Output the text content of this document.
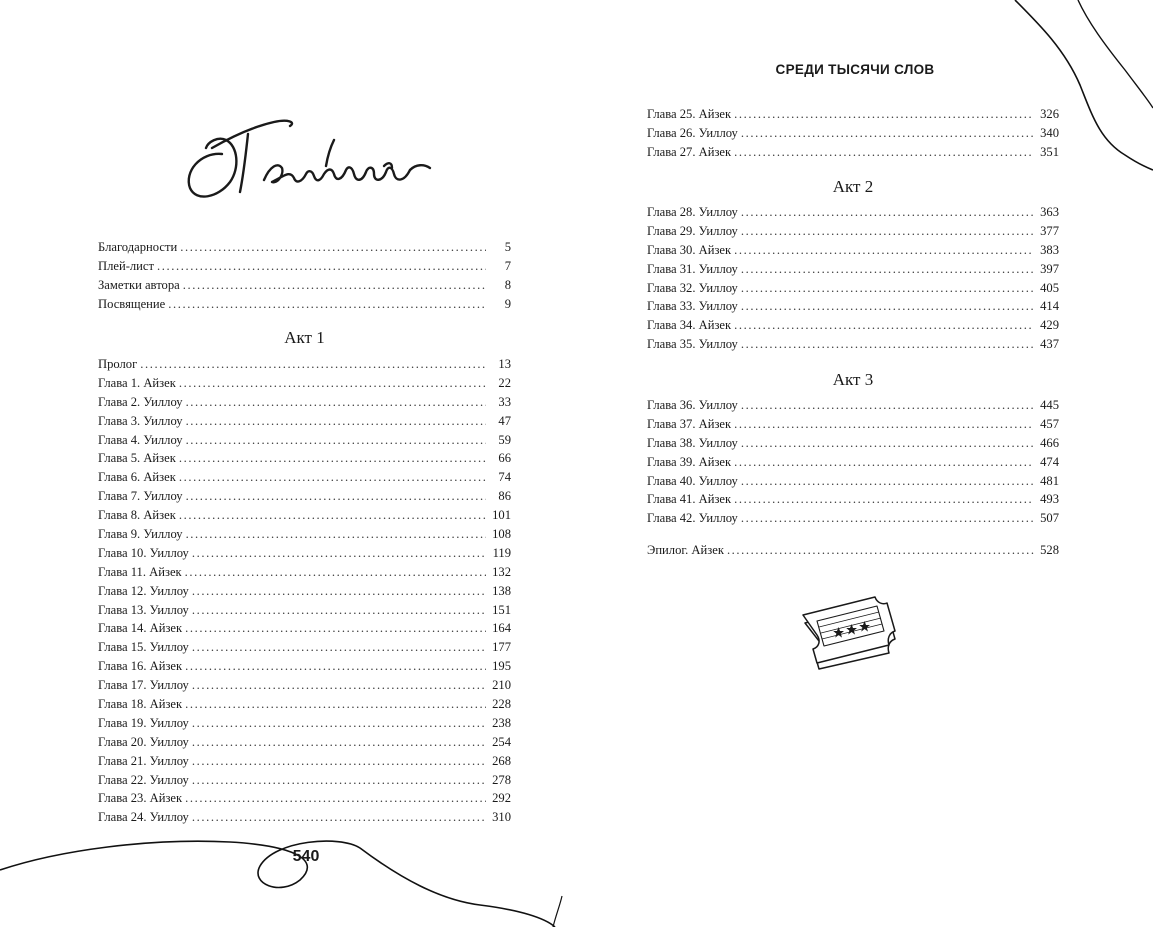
Благодарности .....	5
Плей-лист .....	7
Заметки автора .....	8
Посвящение .....	9
Акт 1
Пролог .....	13
Глава 1. Айзек .....	22
Глава 2. Уиллоу .....	33
Глава 3. Уиллоу .....	47
Глава 4. Уиллоу .....	59
Глава 5. Айзек .....	66
Глава 6. Айзек .....	74
Глава 7. Уиллоу .....	86
Глава 8. Айзек .....	101
Глава 9. Уиллоу .....	108
Глава 10. Уиллоу .....	119
Глава 11. Айзек .....	132
Глава 12. Уиллоу .....	138
Глава 13. Уиллоу .....	151
Глава 14. Айзек .....	164
Глава 15. Уиллоу .....	177
Глава 16. Айзек .....	195
Глава 17. Уиллоу .....	210
Глава 18. Айзек .....	228
Глава 19. Уиллоу .....	238
Глава 20. Уиллоу .....	254
Глава 21. Уиллоу .....	268
Глава 22. Уиллоу .....	278
Глава 23. Айзек .....	292
Глава 24. Уиллоу .....	310
540
СРЕДИ ТЫСЯЧИ СЛОВ
Глава 25. Айзек .....	326
Глава 26. Уиллоу .....	340
Глава 27. Айзек .....	351
Акт 2
Глава 28. Уиллоу .....	363
Глава 29. Уиллоу .....	377
Глава 30. Айзек .....	383
Глава 31. Уиллоу .....	397
Глава 32. Уиллоу .....	405
Глава 33. Уиллоу .....	414
Глава 34. Айзек .....	429
Глава 35. Уиллоу .....	437
Акт 3
Глава 36. Уиллоу .....	445
Глава 37. Айзек .....	457
Глава 38. Уиллоу .....	466
Глава 39. Айзек .....	474
Глава 40. Уиллоу .....	481
Глава 41. Айзек .....	493
Глава 42. Уиллоу .....	507
Эпилог. Айзек .....	528
